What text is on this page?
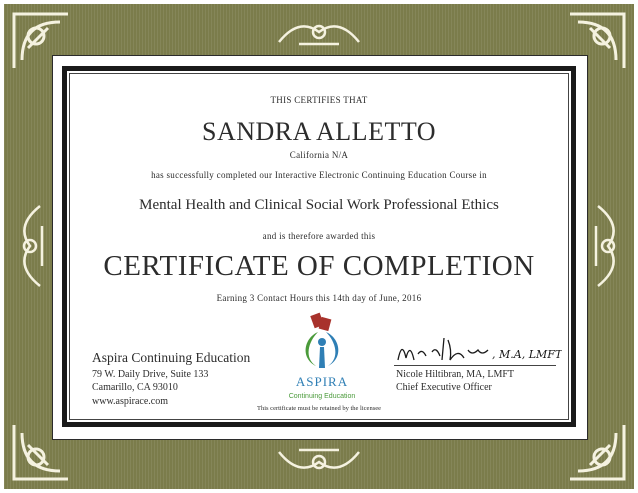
THIS CERTIFIES THAT
SANDRA ALLETTO
California N/A
has successfully completed our Interactive Electronic Continuing Education Course in
Mental Health and Clinical Social Work Professional Ethics
and is therefore awarded this
CERTIFICATE OF COMPLETION
Earning 3 Contact Hours this 14th day of June, 2016
Aspira Continuing Education
79 W. Daily Drive, Suite 133
Camarillo, CA 93010
www.aspirace.com
ASPIRA
Continuing Education
, M.A, LMFT
Nicole Hiltibran, MA, LMFT
Chief Executive Officer
This certificate must be retained by the licensee
